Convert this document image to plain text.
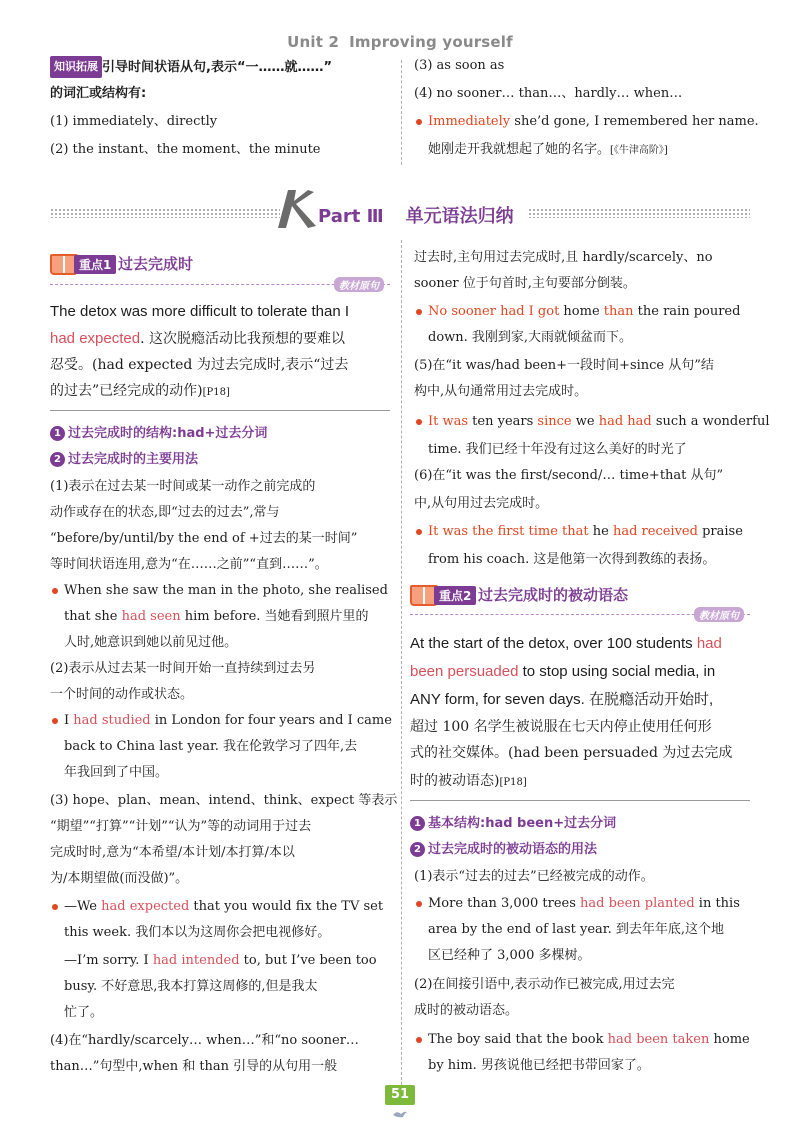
Unit 2 Improving yourself
知识拓展 引导时间状语从句,表示“一……就……”
的词汇或结构有:
(1) immediately、directly
(2) the instant、the moment、the minute
(3) as soon as
(4) no sooner… than…、hardly… when…
Immediately she’d gone, I remembered her name.
她刚走开我就想起了她的名字。[《牛津高阶》]
Part Ⅲ 单元语法归纳
重点1 过去完成时
教材原句
The detox was more difficult to tolerate than I
had expected. 这次脱瘾活动比我预想的要难以
忍受。(had expected 为过去完成时,表示“过去
的过去”已经完成的动作)[P18]
1 过去完成时的结构:had+过去分词
2 过去完成时的主要用法
(1)表示在过去某一时间或某一动作之前完成的
动作或存在的状态,即“过去的过去”,常与
“before/by/until/by the end of +过去的某一时间”
等时间状语连用,意为“在……之前”“直到……”。
When she saw the man in the photo, she realised
that she had seen him before. 当她看到照片里的
人时,她意识到她以前见过他。
(2)表示从过去某一时间开始一直持续到过去另
一个时间的动作或状态。
I had studied in London for four years and I came
back to China last year. 我在伦敦学习了四年,去
年我回到了中国。
(3) hope、plan、mean、intend、think、expect 等表示
“期望”“打算”“计划”“认为”等的动词用于过去
完成时时,意为“本希望/本计划/本打算/本以
为/本期望做(而没做)”。
—We had expected that you would fix the TV set
this week. 我们本以为这周你会把电视修好。
—I’m sorry. I had intended to, but I’ve been too
busy. 不好意思,我本打算这周修的,但是我太
忙了。
(4)在“hardly/scarcely… when…”和“no sooner…
than…”句型中,when 和 than 引导的从句用一般
过去时,主句用过去完成时,且 hardly/scarcely、no
sooner 位于句首时,主句要部分倒装。
No sooner had I got home than the rain poured
down. 我刚到家,大雨就倾盆而下。
(5)在“it was/had been+一段时间+since 从句”结
构中,从句通常用过去完成时。
It was ten years since we had had such a wonderful
time. 我们已经十年没有过这么美好的时光了
(6)在“it was the first/second/… time+that 从句”
中,从句用过去完成时。
It was the first time that he had received praise
from his coach. 这是他第一次得到教练的表扬。
重点2 过去完成时的被动语态
教材原句
At the start of the detox, over 100 students had
been persuaded to stop using social media, in
ANY form, for seven days. 在脱瘾活动开始时,
超过 100 名学生被说服在七天内停止使用任何形
式的社交媒体。(had been persuaded 为过去完成
时的被动语态)[P18]
1 基本结构:had been+过去分词
2 过去完成时的被动语态的用法
(1)表示“过去的过去”已经被完成的动作。
More than 3,000 trees had been planted in this
area by the end of last year. 到去年年底,这个地
区已经种了 3,000 多棵树。
(2)在间接引语中,表示动作已被完成,用过去完
成时的被动语态。
The boy said that the book had been taken home
by him. 男孩说他已经把书带回家了。
51
